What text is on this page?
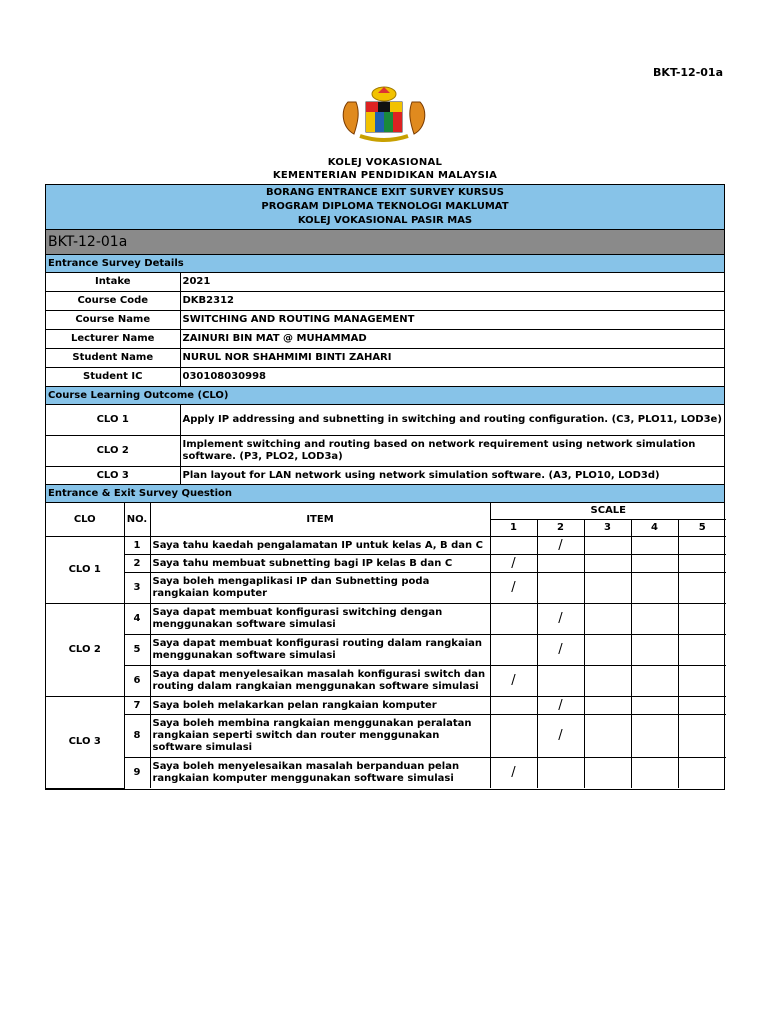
BKT-12-01a
KOLEJ VOKASIONAL
KEMENTERIAN PENDIDIKAN MALAYSIA
BORANG ENTRANCE EXIT SURVEY KURSUS
PROGRAM DIPLOMA TEKNOLOGI MAKLUMAT
KOLEJ VOKASIONAL PASIR MAS
BKT-12-01a
Entrance Survey Details
Intake	2021
Course Code	DKB2312
Course Name	SWITCHING AND ROUTING MANAGEMENT
Lecturer Name	ZAINURI BIN MAT @ MUHAMMAD
Student Name	NURUL NOR SHAHMIMI BINTI ZAHARI
Student IC	030108030998
Course Learning Outcome (CLO)
CLO 1	Apply IP addressing and subnetting in switching and routing configuration. (C3, PLO11, LOD3e)
CLO 2	Implement switching and routing based on network requirement using network simulation software. (P3, PLO2, LOD3a)
CLO 3	Plan layout for LAN network using network simulation software. (A3, PLO10, LOD3d)
Entrance & Exit Survey Question
CLO	NO.	ITEM	SCALE				
			1	2	3	4	5
CLO 1	1	Saya tahu kaedah pengalamatan IP untuk kelas A, B dan C		/			
	2	Saya tahu membuat subnetting bagi IP kelas B dan C	/				
	3	Saya boleh mengaplikasi IP dan Subnetting poda rangkaian komputer	/				
CLO 2	4	Saya dapat membuat konfigurasi switching dengan menggunakan software simulasi		/			
	5	Saya dapat membuat konfigurasi routing dalam rangkaian menggunakan software simulasi		/			
	6	Saya dapat menyelesaikan masalah konfigurasi switch dan routing dalam rangkaian menggunakan software simulasi	/				
CLO 3	7	Saya boleh melakarkan pelan rangkaian komputer		/			
	8	Saya boleh membina rangkaian menggunakan peralatan rangkaian seperti switch dan router menggunakan software simulasi		/			
	9	Saya boleh menyelesaikan masalah berpanduan pelan rangkaian komputer menggunakan software simulasi	/				
